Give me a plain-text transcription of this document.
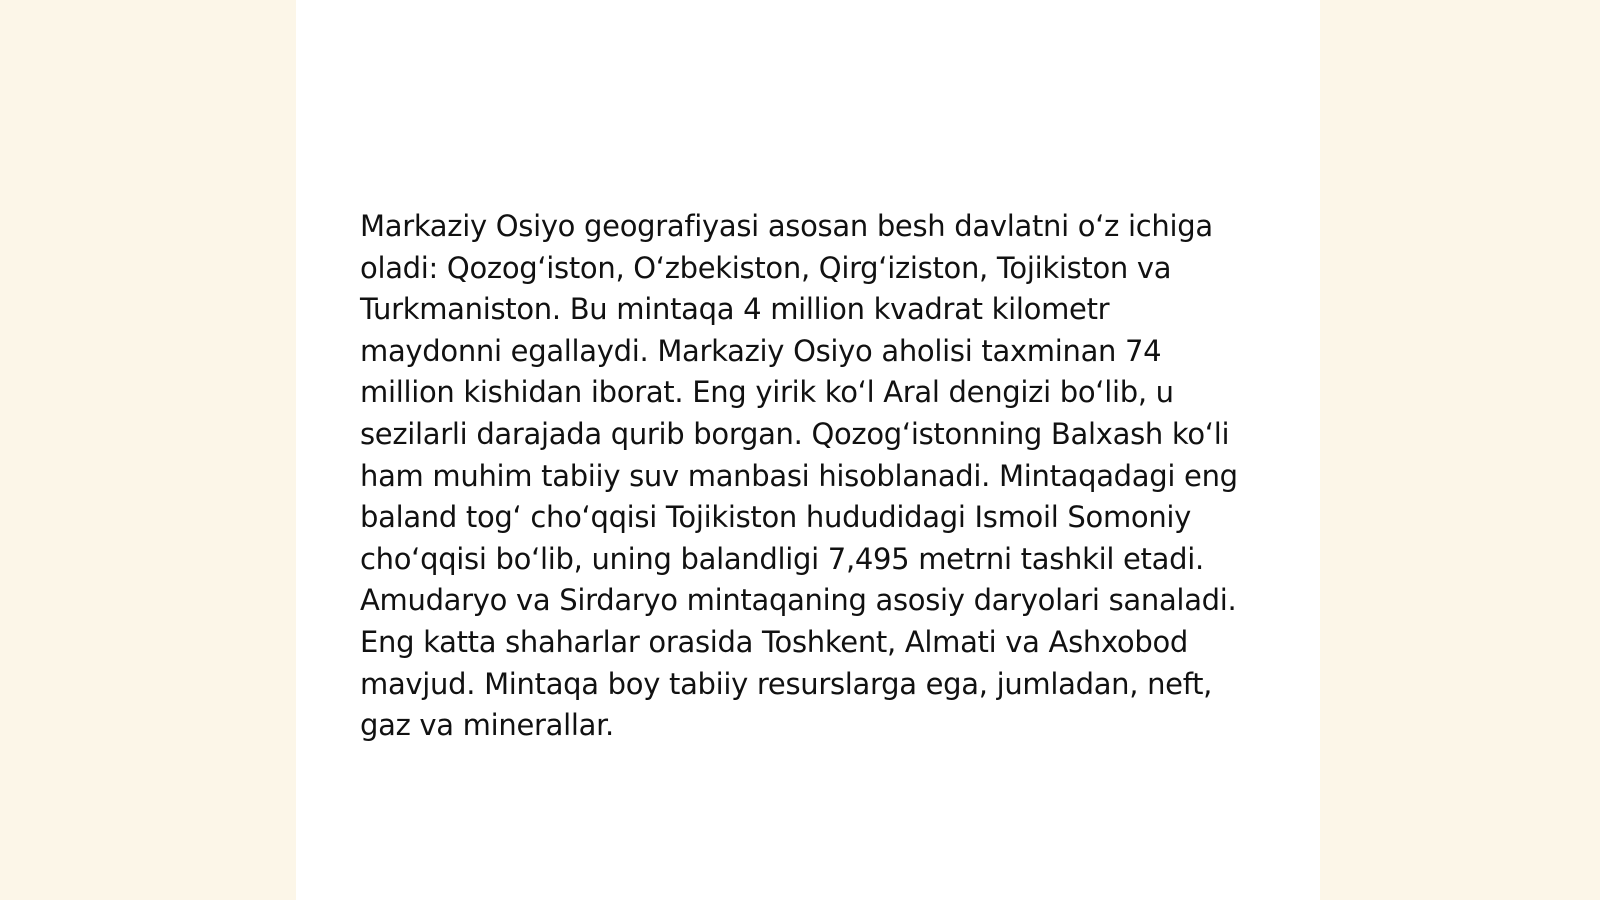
Markaziy Osiyo geografiyasi asosan besh davlatni oʻz ichiga oladi: Qozogʻiston, Oʻzbekiston, Qirgʻiziston, Tojikiston va Turkmaniston. Bu mintaqa 4 million kvadrat kilometr maydonni egallaydi. Markaziy Osiyo aholisi taxminan 74 million kishidan iborat. Eng yirik koʻl Aral dengizi boʻlib, u sezilarli darajada qurib borgan. Qozogʻistonning Balxash koʻli ham muhim tabiiy suv manbasi hisoblanadi. Mintaqadagi eng baland togʻ choʻqqisi Tojikiston hududidagi Ismoil Somoniy choʻqqisi boʻlib, uning balandligi 7,495 metrni tashkil etadi. Amudaryo va Sirdaryo mintaqaning asosiy daryolari sanaladi. Eng katta shaharlar orasida Toshkent, Almati va Ashxobod mavjud. Mintaqa boy tabiiy resurslarga ega, jumladan, neft, gaz va minerallar.
